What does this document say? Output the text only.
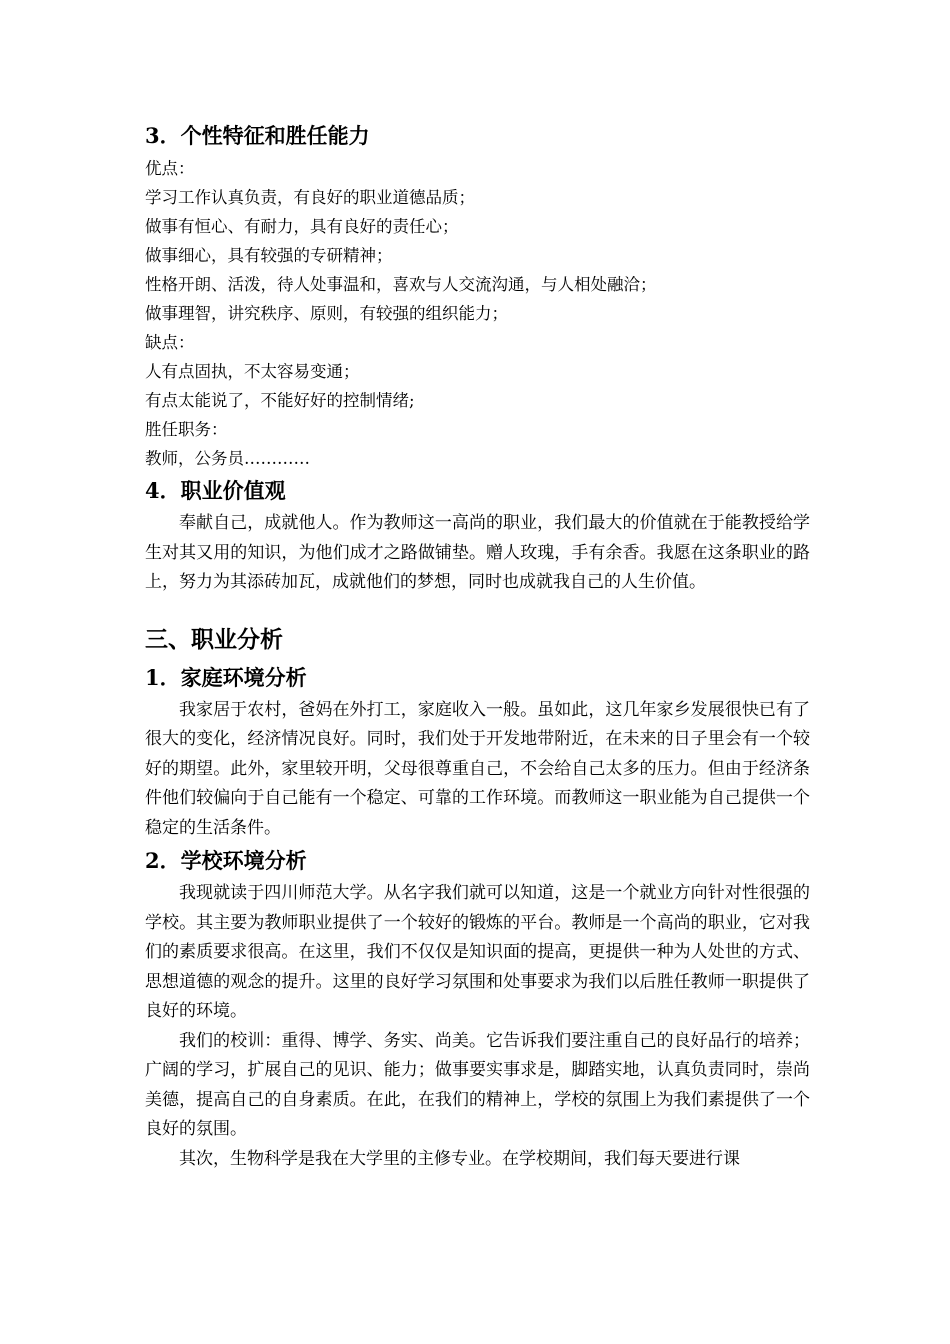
3．个性特征和胜任能力

优点：

学习工作认真负责，有良好的职业道德品质；

做事有恒心、有耐力，具有良好的责任心；

做事细心，具有较强的专研精神；

性格开朗、活泼，待人处事温和，喜欢与人交流沟通，与人相处融洽；

做事理智，讲究秩序、原则，有较强的组织能力；

缺点：

人有点固执，不太容易变通；

有点太能说了，不能好好的控制情绪;

胜任职务：

教师，公务员…………

4．职业价值观

奉献自己，成就他人。作为教师这一高尚的职业，我们最大的价值就在于能教授给学生对其又用的知识，为他们成才之路做铺垫。赠人玫瑰，手有余香。我愿在这条职业的路上，努力为其添砖加瓦，成就他们的梦想，同时也成就我自己的人生价值。

三、职业分析

1．家庭环境分析

我家居于农村，爸妈在外打工，家庭收入一般。虽如此，这几年家乡发展很快已有了很大的变化，经济情况良好。同时，我们处于开发地带附近，在未来的日子里会有一个较好的期望。此外，家里较开明，父母很尊重自己，不会给自己太多的压力。但由于经济条件他们较偏向于自己能有一个稳定、可靠的工作环境。而教师这一职业能为自己提供一个稳定的生活条件。

2．学校环境分析

我现就读于四川师范大学。从名字我们就可以知道，这是一个就业方向针对性很强的学校。其主要为教师职业提供了一个较好的锻炼的平台。教师是一个高尚的职业，它对我们的素质要求很高。在这里，我们不仅仅是知识面的提高，更提供一种为人处世的方式、思想道德的观念的提升。这里的良好学习氛围和处事要求为我们以后胜任教师一职提供了良好的环境。

我们的校训：重得、博学、务实、尚美。它告诉我们要注重自己的良好品行的培养；广阔的学习，扩展自己的见识、能力；做事要实事求是，脚踏实地，认真负责同时，崇尚美德，提高自己的自身素质。在此，在我们的精神上，学校的氛围上为我们素提供了一个良好的氛围。

其次，生物科学是我在大学里的主修专业。在学校期间，我们每天要进行课
